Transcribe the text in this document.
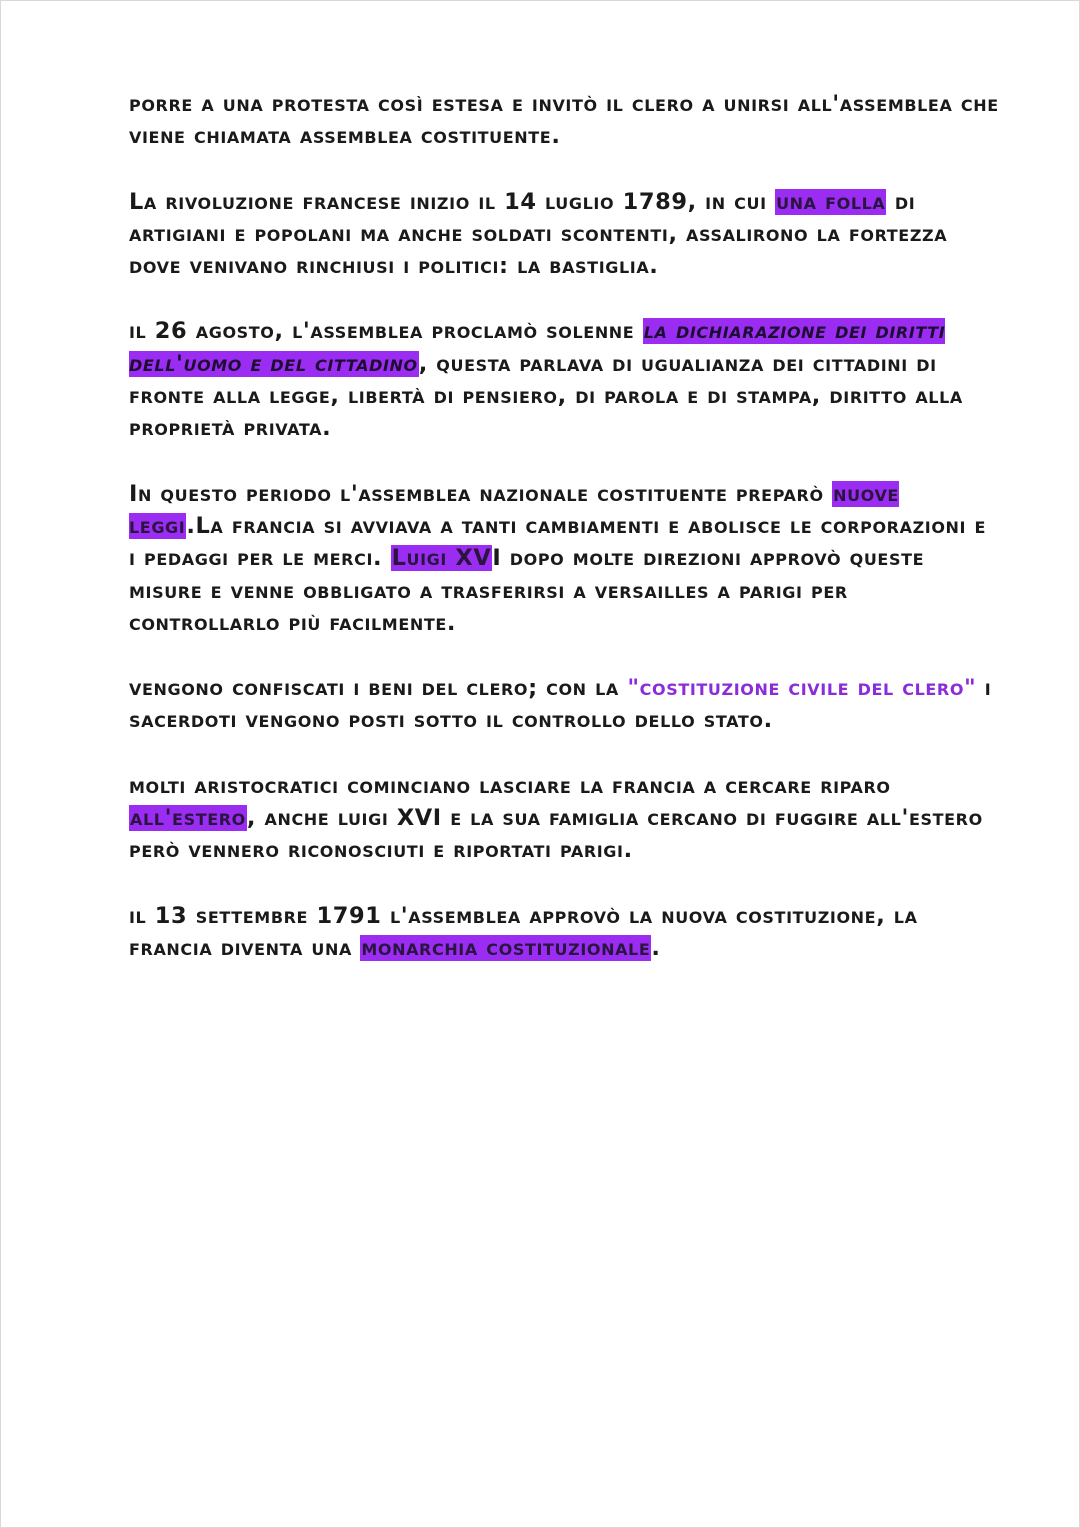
porre a una protesta così estesa e invitò il clero a unirsi all'assemblea che viene chiamata assemblea costituente.

La rivoluzione francese inizio il 14 luglio 1789, in cui una folla di artigiani e popolani ma anche soldati scontenti, assalirono la fortezza dove venivano rinchiusi i politici: la bastiglia.

il 26 agosto, l'assemblea proclamò solenne la dichiarazione dei diritti dell'uomo e del cittadino, questa parlava di ugualianza dei cittadini di fronte alla legge, libertà di pensiero, di parola e di stampa, diritto alla proprietà privata.

In questo periodo l'assemblea nazionale costituente preparò nuove leggi.La francia si avviava a tanti cambiamenti e abolisce le corporazioni e i pedaggi per le merci. Luigi XVI dopo molte direzioni approvò queste misure e venne obbligato a trasferirsi a versailles a parigi per controllarlo più facilmente.

vengono confiscati i beni del clero; con la "costituzione civile del clero" i sacerdoti vengono posti sotto il controllo dello stato.

molti aristocratici cominciano lasciare la francia a cercare riparo all'estero, anche luigi XVI e la sua famiglia cercano di fuggire all'estero però vennero riconosciuti e riportati parigi.

il 13 settembre 1791 l'assemblea approvò la nuova costituzione, la francia diventa una monarchia costituzionale.
